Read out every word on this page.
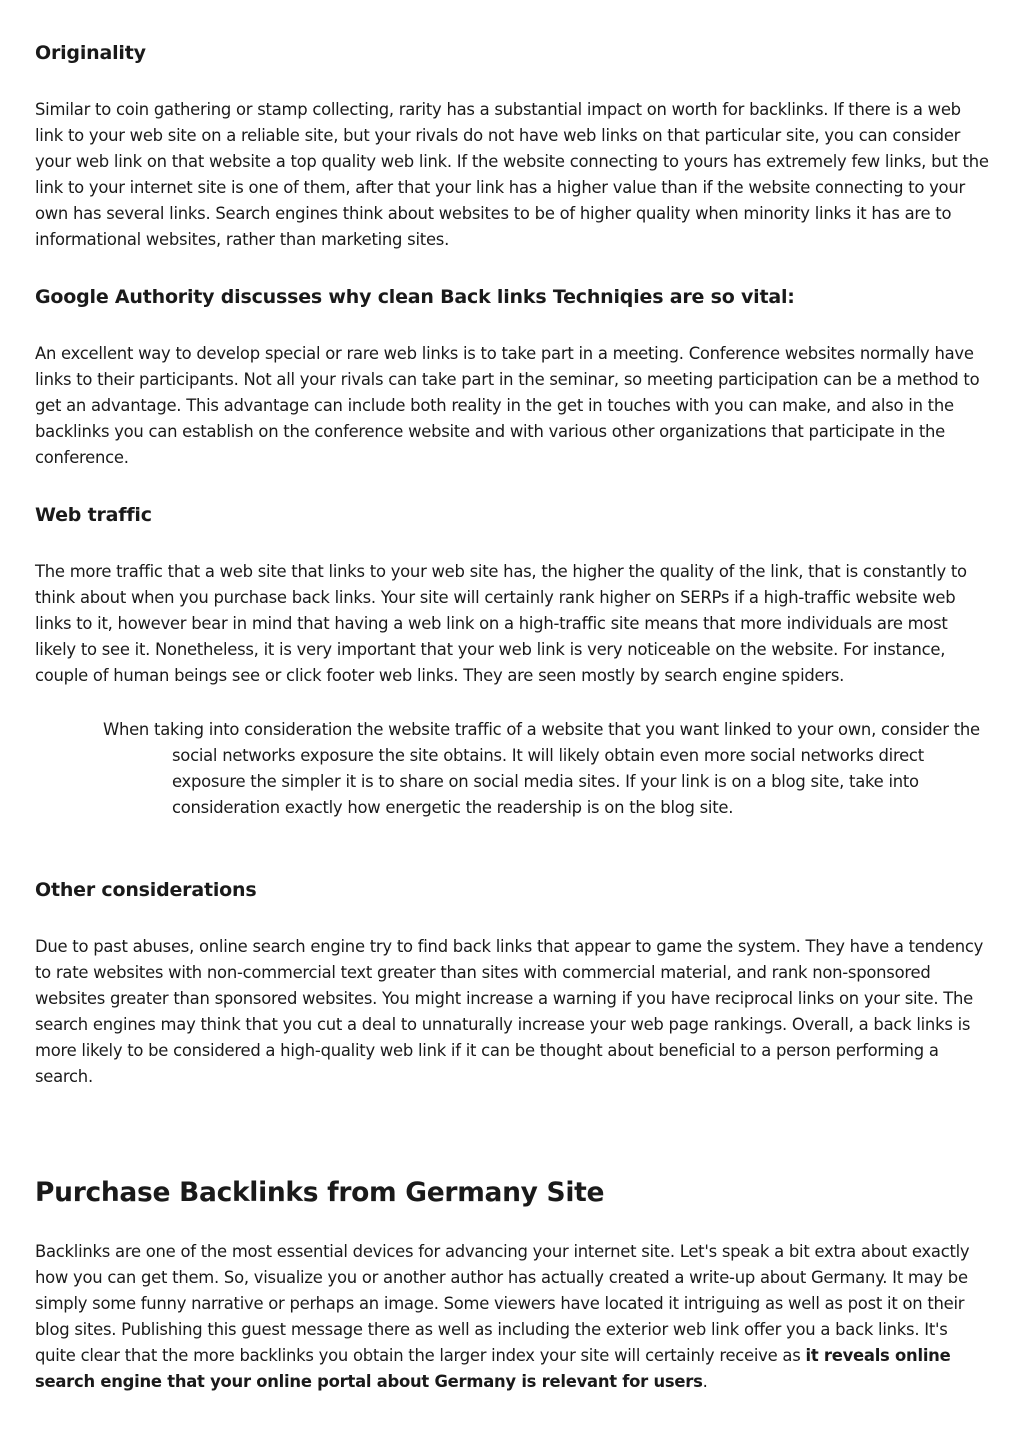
Originality

Similar to coin gathering or stamp collecting, rarity has a substantial impact on worth for backlinks. If there is a web link to your web site on a reliable site, but your rivals do not have web links on that particular site, you can consider your web link on that website a top quality web link. If the website connecting to yours has extremely few links, but the link to your internet site is one of them, after that your link has a higher value than if the website connecting to your own has several links. Search engines think about websites to be of higher quality when minority links it has are to informational websites, rather than marketing sites.

Google Authority discusses why clean Back links Techniqies are so vital:

An excellent way to develop special or rare web links is to take part in a meeting. Conference websites normally have links to their participants. Not all your rivals can take part in the seminar, so meeting participation can be a method to get an advantage. This advantage can include both reality in the get in touches with you can make, and also in the backlinks you can establish on the conference website and with various other organizations that participate in the conference.

Web traffic

The more traffic that a web site that links to your web site has, the higher the quality of the link, that is constantly to think about when you purchase back links. Your site will certainly rank higher on SERPs if a high-traffic website web links to it, however bear in mind that having a web link on a high-traffic site means that more individuals are most likely to see it. Nonetheless, it is very important that your web link is very noticeable on the website. For instance, couple of human beings see or click footer web links. They are seen mostly by search engine spiders.

When taking into consideration the website traffic of a website that you want linked to your own, consider the social networks exposure the site obtains. It will likely obtain even more social networks direct exposure the simpler it is to share on social media sites. If your link is on a blog site, take into consideration exactly how energetic the readership is on the blog site.

Other considerations

Due to past abuses, online search engine try to find back links that appear to game the system. They have a tendency to rate websites with non-commercial text greater than sites with commercial material, and rank non-sponsored websites greater than sponsored websites. You might increase a warning if you have reciprocal links on your site. The search engines may think that you cut a deal to unnaturally increase your web page rankings. Overall, a back links is more likely to be considered a high-quality web link if it can be thought about beneficial to a person performing a search.

Purchase Backlinks from Germany Site

Backlinks are one of the most essential devices for advancing your internet site. Let's speak a bit extra about exactly how you can get them. So, visualize you or another author has actually created a write-up about Germany. It may be simply some funny narrative or perhaps an image. Some viewers have located it intriguing as well as post it on their blog sites. Publishing this guest message there as well as including the exterior web link offer you a back links. It's quite clear that the more backlinks you obtain the larger index your site will certainly receive as it reveals online search engine that your online portal about Germany is relevant for users.
